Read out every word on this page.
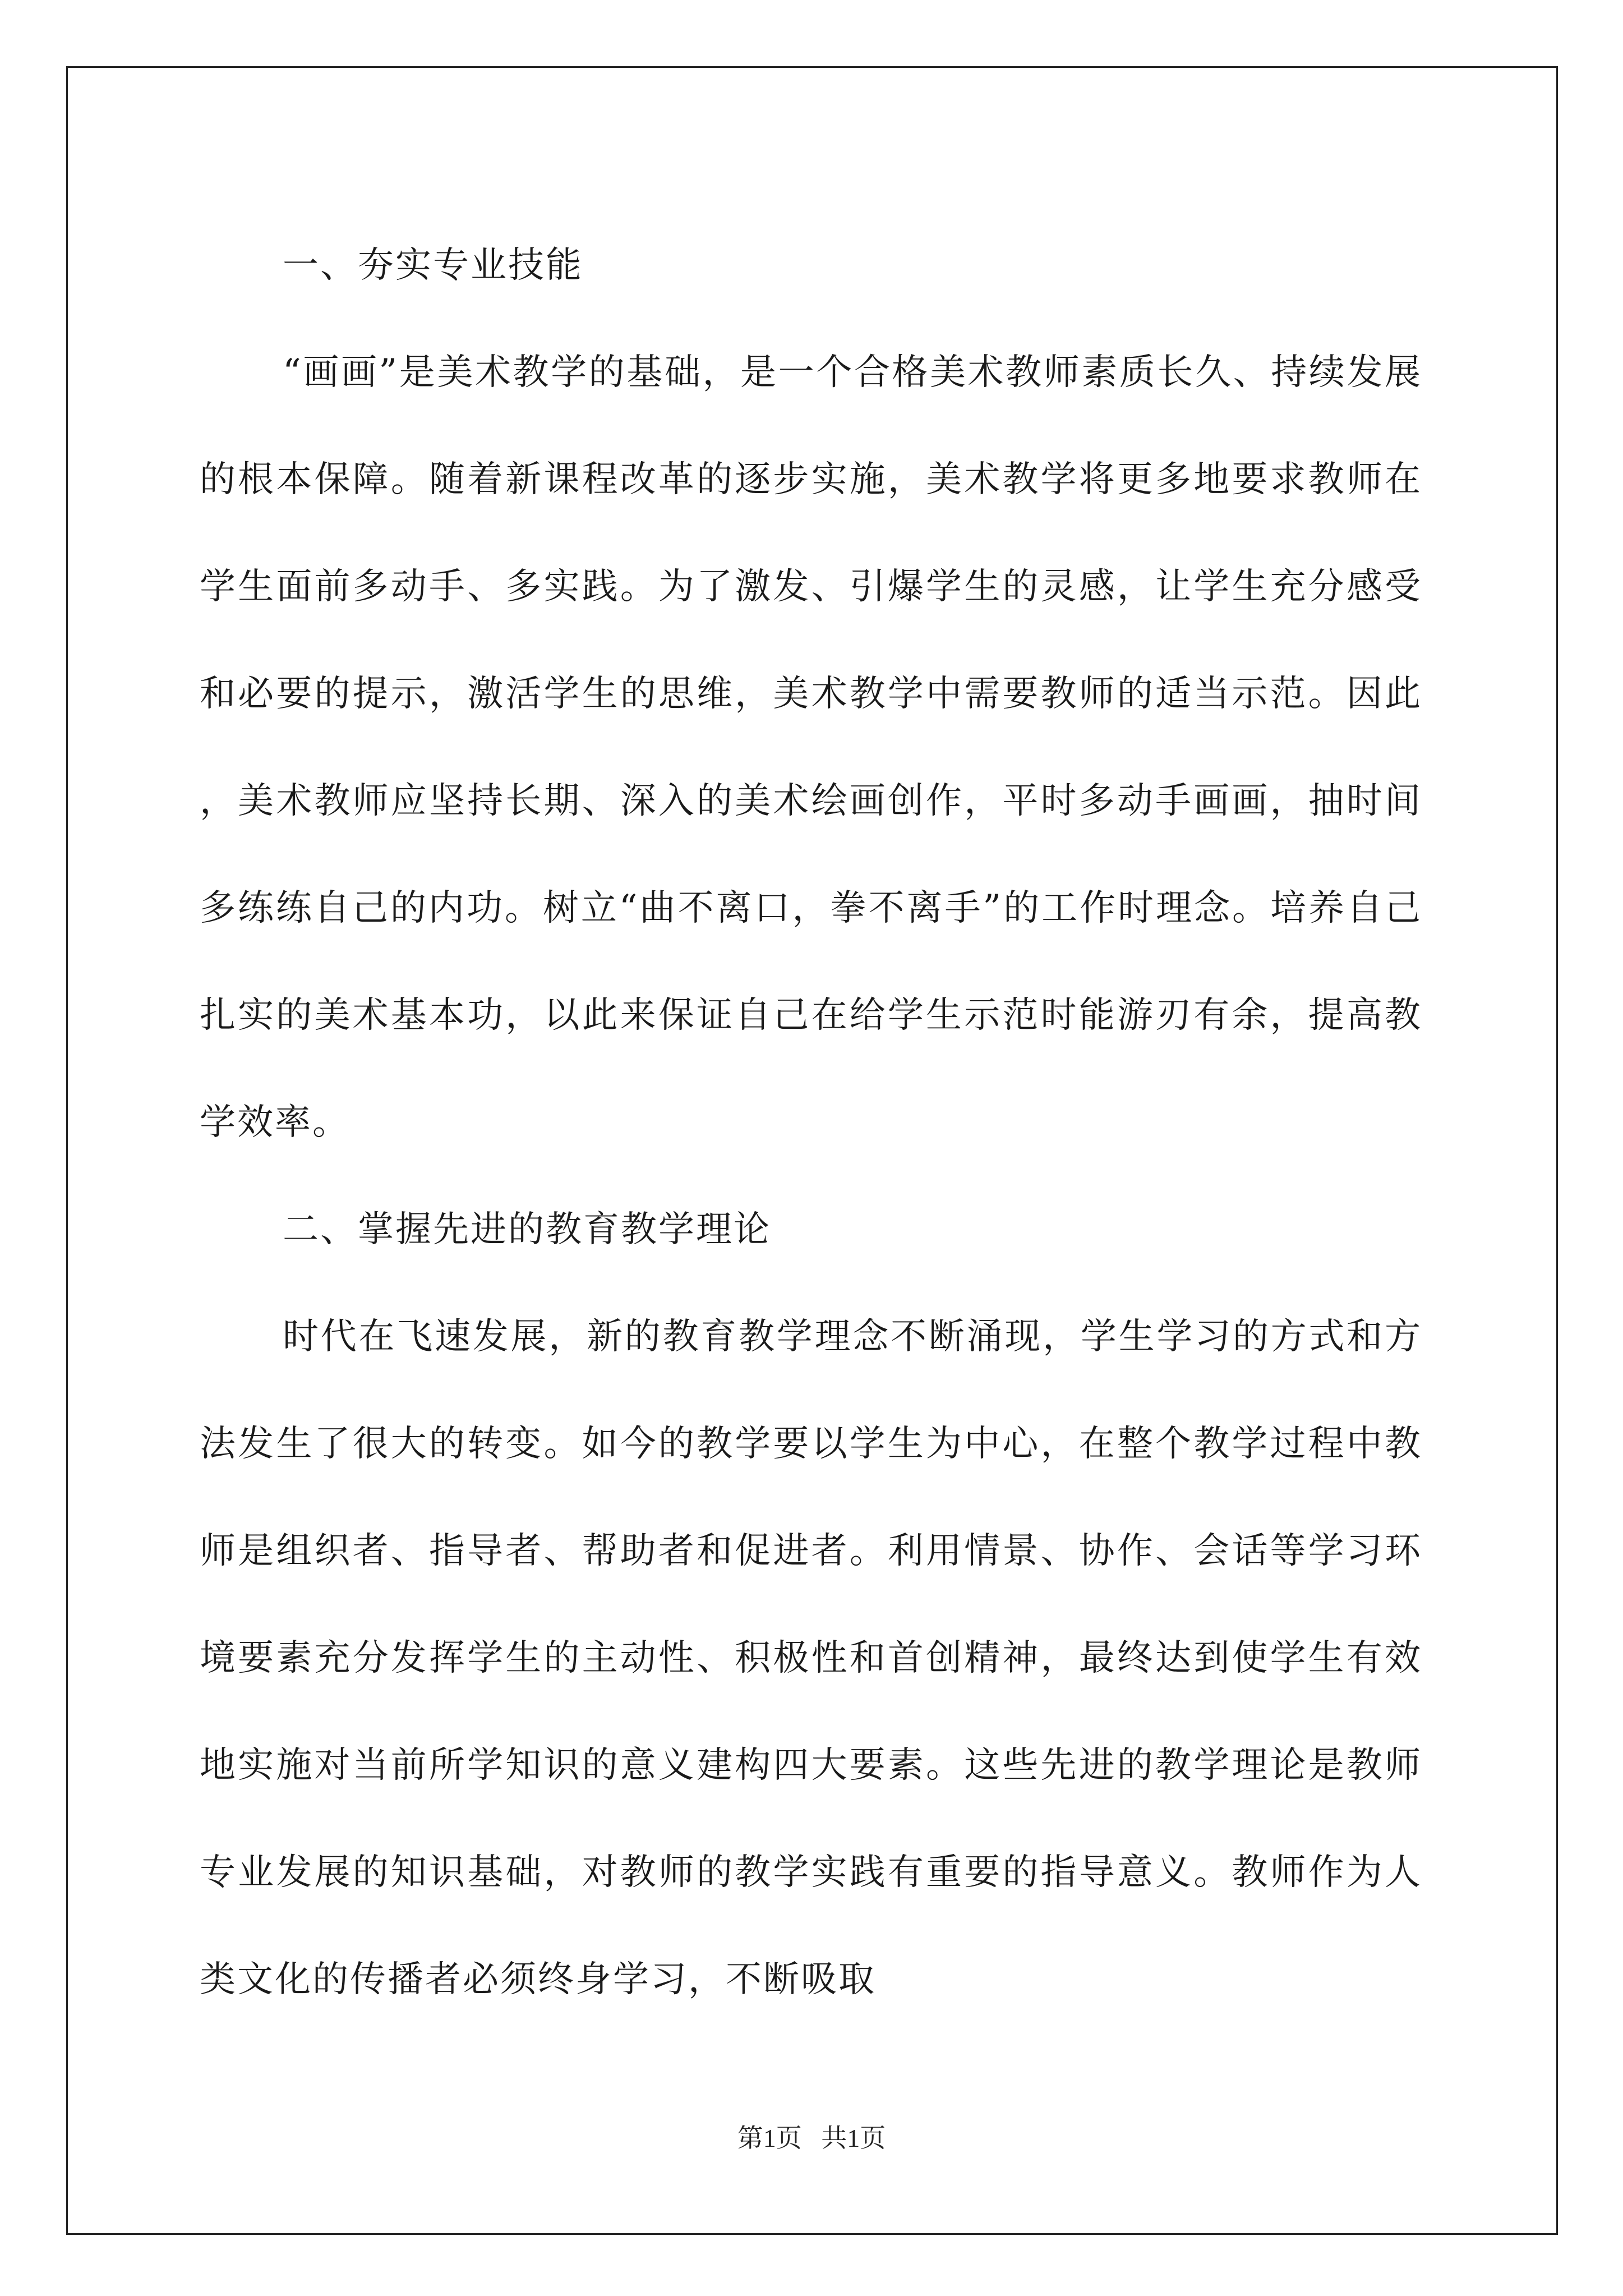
一、夯实专业技能

“画画”是美术教学的基础，是一个合格美术教师素质长久、持续发展的根本保障。随着新课程改革的逐步实施，美术教学将更多地要求教师在学生面前多动手、多实践。为了激发、引爆学生的灵感，让学生充分感受和必要的提示，激活学生的思维，美术教学中需要教师的适当示范。因此，美术教师应坚持长期、深入的美术绘画创作，平时多动手画画，抽时间多练练自己的内功。树立“曲不离口，拳不离手”的工作时理念。培养自己扎实的美术基本功，以此来保证自己在给学生示范时能游刃有余，提高教学效率。

二、掌握先进的教育教学理论

时代在飞速发展，新的教育教学理念不断涌现，学生学习的方式和方法发生了很大的转变。如今的教学要以学生为中心，在整个教学过程中教师是组织者、指导者、帮助者和促进者。利用情景、协作、会话等学习环境要素充分发挥学生的主动性、积极性和首创精神，最终达到使学生有效地实施对当前所学知识的意义建构四大要素。这些先进的教学理论是教师专业发展的知识基础，对教师的教学实践有重要的指导意义。教师作为人类文化的传播者必须终身学习，不断吸取

第1页   共1页
